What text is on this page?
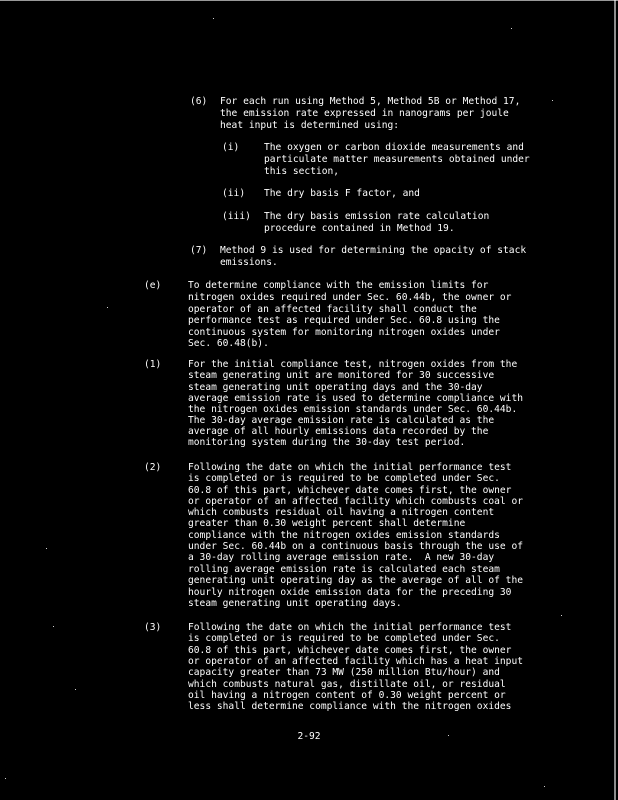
(6) For each run using Method 5, Method 5B or Method 17,
the emission rate expressed in nanograms per joule
heat input is determined using:
(i)	The oxygen or carbon dioxide measurements and
particulate matter measurements obtained under
this section,
(ii) The dry basis F factor, and
(iii) The dry basis emission rate calculation
procedure contained in Method 19.
(7) Method 9 is used for determining the opacity of stack
emissions.
(e)	To determine compliance with the emission limits for
nitrogen oxides required under Sec. 60.44b, the owner or
operator of an affected facility shall conduct the
performance test as required under Sec. 60.8 using the
continuous system for monitoring nitrogen oxides under
Sec. 60.48(b).
(1)	For the initial compliance test, nitrogen oxides from the
steam generating unit are monitored for 30 successive
steam generating unit operating days and the 30-day
average emission rate is used to determine compliance with
the nitrogen oxides emission standards under Sec. 60.44b.
The 30-day average emission rate is calculated as the
average of all hourly emissions data recorded by the
monitoring system during the 30-day test period.
(2)	Following the date on which the initial performance test
is completed or is required to be completed under Sec.
60.8 of this part, whichever date comes first, the owner
or operator of an affected facility which combusts coal or
which combusts residual oil having a nitrogen content
greater than 0.30 weight percent shall determine
compliance with the nitrogen oxides emission standards
under Sec. 60.44b on a continuous basis through the use of
a 30-day rolling average emission rate.  A new 30-day
rolling average emission rate is calculated each steam
generating unit operating day as the average of all of the
hourly nitrogen oxide emission data for the preceding 30
steam generating unit operating days.
(3)	Following the date on which the initial performance test
is completed or is required to be completed under Sec.
60.8 of this part, whichever date comes first, the owner
or operator of an affected facility which has a heat input
capacity greater than 73 MW (250 million Btu/hour) and
which combusts natural gas, distillate oil, or residual
oil having a nitrogen content of 0.30 weight percent or
less shall determine compliance with the nitrogen oxides
2-92
